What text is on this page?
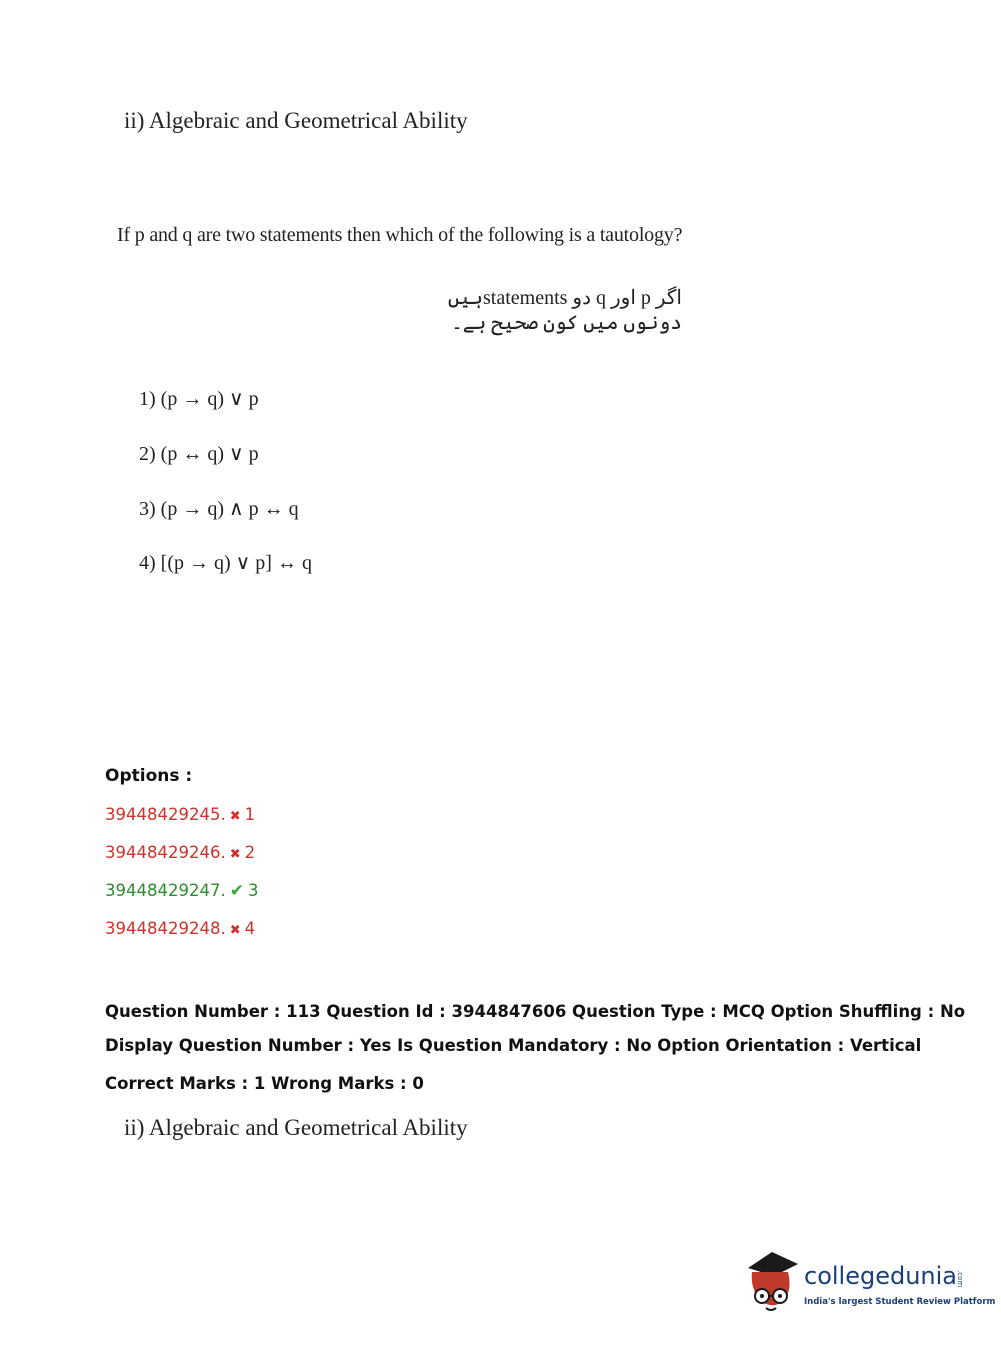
ii) Algebraic and Geometrical Ability
If p and q are two statements then which of the following is a tautology?
اگر p اور q دو statementsہیں دونوں میں کون صحیح ہے۔
1) (p → q) ∨ p
2) (p ↔ q) ∨ p
3) (p → q) ∧ p ↔ q
4) [(p → q) ∨ p] ↔ q
Options :
39448429245. ✖ 1
39448429246. ✖ 2
39448429247. ✔ 3
39448429248. ✖ 4
Question Number : 113 Question Id : 3944847606 Question Type : MCQ Option Shuffling : No
Display Question Number : Yes Is Question Mandatory : No Option Orientation : Vertical
Correct Marks : 1 Wrong Marks : 0
ii) Algebraic and Geometrical Ability
collegedunia
.com
India's largest Student Review Platform
